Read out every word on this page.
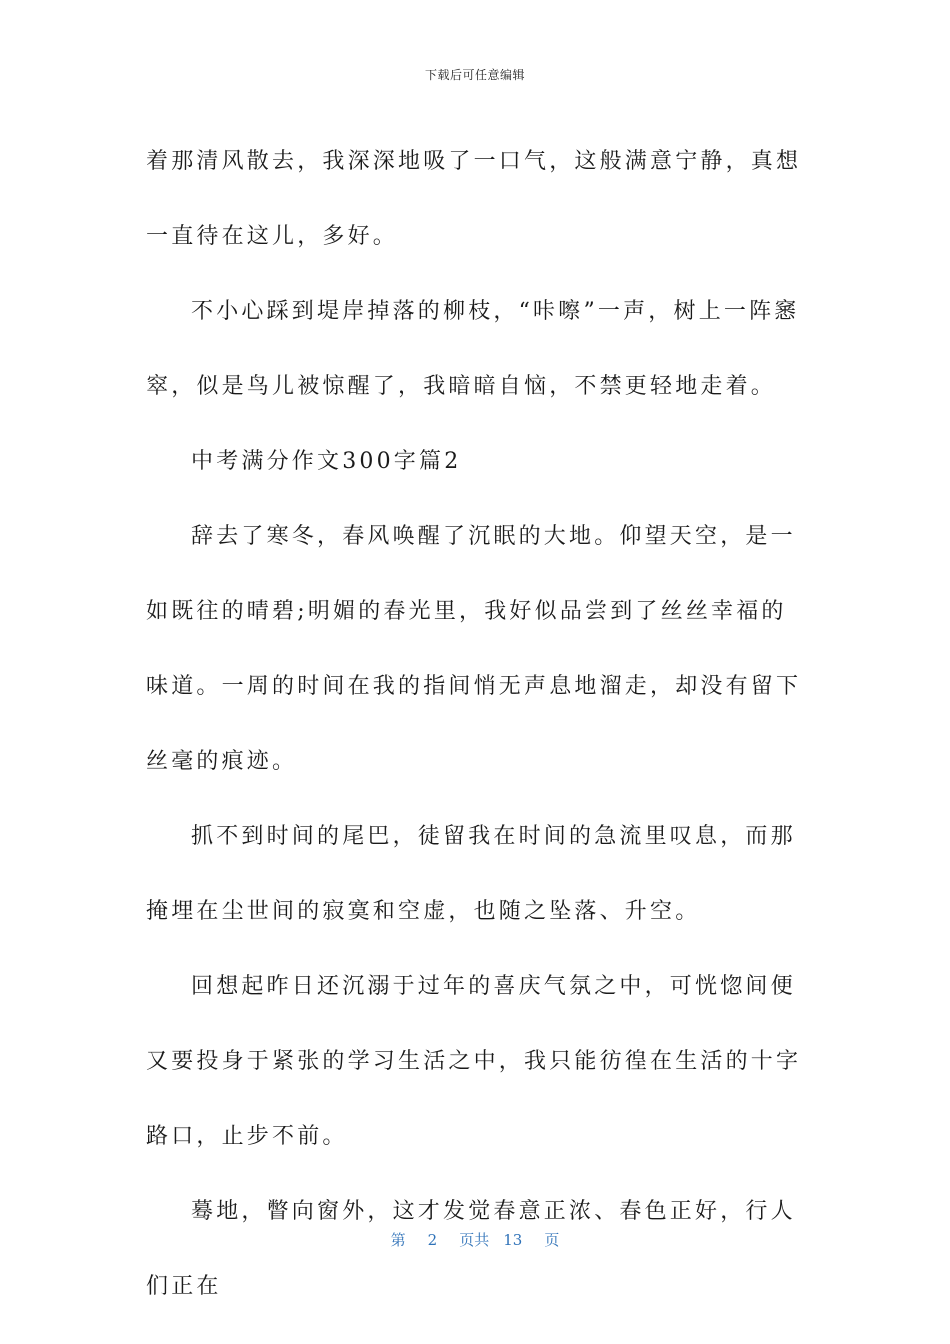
下载后可任意编辑

着那清风散去，我深深地吸了一口气，这般满意宁静，真想一直待在这儿，多好。

不小心踩到堤岸掉落的柳枝，“咔嚓”一声，树上一阵窸窣，似是鸟儿被惊醒了，我暗暗自恼，不禁更轻地走着。

中考满分作文300字篇2

辞去了寒冬，春风唤醒了沉眠的大地。仰望天空，是一如既往的晴碧;明媚的春光里，我好似品尝到了丝丝幸福的味道。一周的时间在我的指间悄无声息地溜走，却没有留下丝毫的痕迹。

抓不到时间的尾巴，徒留我在时间的急流里叹息，而那掩埋在尘世间的寂寞和空虚，也随之坠落、升空。

回想起昨日还沉溺于过年的喜庆气氛之中，可恍惚间便又要投身于紧张的学习生活之中，我只能彷徨在生活的十字路口，止步不前。

蓦地，瞥向窗外，这才发觉春意正浓、春色正好，行人们正在

第 2 页共 13 页
